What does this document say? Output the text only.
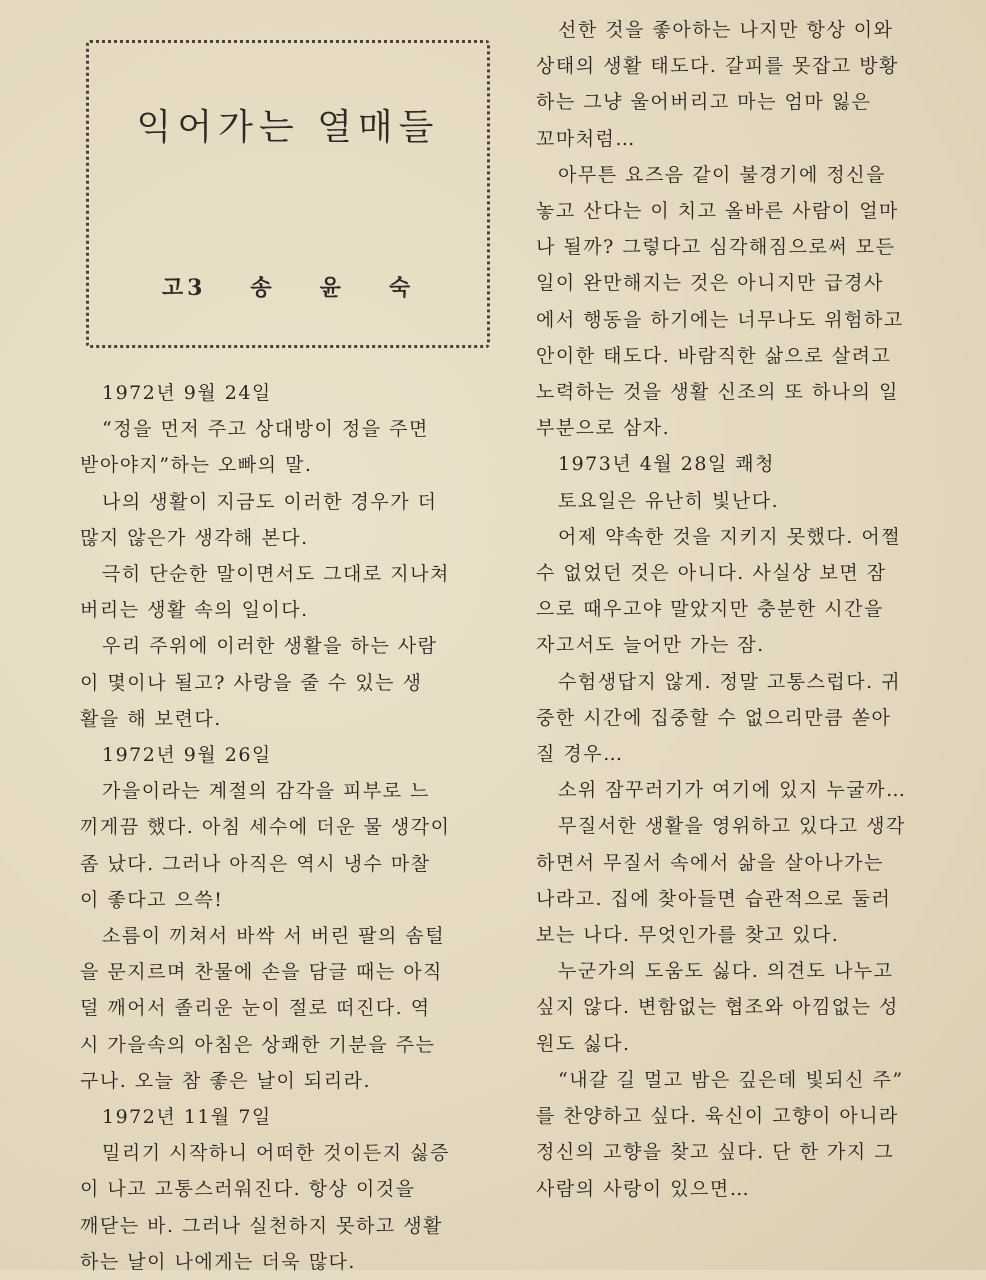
익어가는 열매들
고3 송 윤 숙

1972년 9월 24일

“정을 먼저 주고 상대방이 정을 주면

받아야지”하는 오빠의 말.

나의 생활이 지금도 이러한 경우가 더

많지 않은가 생각해 본다.

극히 단순한 말이면서도 그대로 지나쳐

버리는 생활 속의 일이다.

우리 주위에 이러한 생활을 하는 사람

이 몇이나 될고? 사랑을 줄 수 있는 생

활을 해 보련다.

1972년 9월 26일

가을이라는 계절의 감각을 피부로 느

끼게끔 했다. 아침 세수에 더운 물 생각이

좀 났다. 그러나 아직은 역시 냉수 마찰

이 좋다고 으쓱!

소름이 끼쳐서 바싹 서 버린 팔의 솜털

을 문지르며 찬물에 손을 담글 때는 아직

덜 깨어서 졸리운 눈이 절로 떠진다. 역

시 가을속의 아침은 상쾌한 기분을 주는

구나. 오늘 참 좋은 날이 되리라.

1972년 11월 7일

밀리기 시작하니 어떠한 것이든지 싫증

이 나고 고통스러워진다. 항상 이것을

깨닫는 바. 그러나 실천하지 못하고 생활

하는 날이 나에게는 더욱 많다.

선한 것을 좋아하는 나지만 항상 이와

상태의 생활 태도다. 갈피를 못잡고 방황

하는 그냥 울어버리고 마는 엄마 잃은

꼬마처럼…

아무튼 요즈음 같이 불경기에 정신을

놓고 산다는 이 치고 올바른 사람이 얼마

나 될까? 그렇다고 심각해짐으로써 모든

일이 완만해지는 것은 아니지만 급경사

에서 행동을 하기에는 너무나도 위험하고

안이한 태도다. 바람직한 삶으로 살려고

노력하는 것을 생활 신조의 또 하나의 일

부분으로 삼자.

1973년 4월 28일 쾌청

토요일은 유난히 빛난다.

어제 약속한 것을 지키지 못했다. 어쩔

수 없었던 것은 아니다. 사실상 보면 잠

으로 때우고야 말았지만 충분한 시간을

자고서도 늘어만 가는 잠.

수험생답지 않게. 정말 고통스럽다. 귀

중한 시간에 집중할 수 없으리만큼 쏟아

질 경우…

소위 잠꾸러기가 여기에 있지 누굴까…

무질서한 생활을 영위하고 있다고 생각

하면서 무질서 속에서 삶을 살아나가는

나라고. 집에 찾아들면 습관적으로 둘러

보는 나다. 무엇인가를 찾고 있다.

누군가의 도움도 싫다. 의견도 나누고

싶지 않다. 변함없는 협조와 아낌없는 성

원도 싫다.

“내갈 길 멀고 밤은 깊은데 빛되신 주”

를 찬양하고 싶다. 육신이 고향이 아니라

정신의 고향을 찾고 싶다. 단 한 가지 그

사람의 사랑이 있으면…
